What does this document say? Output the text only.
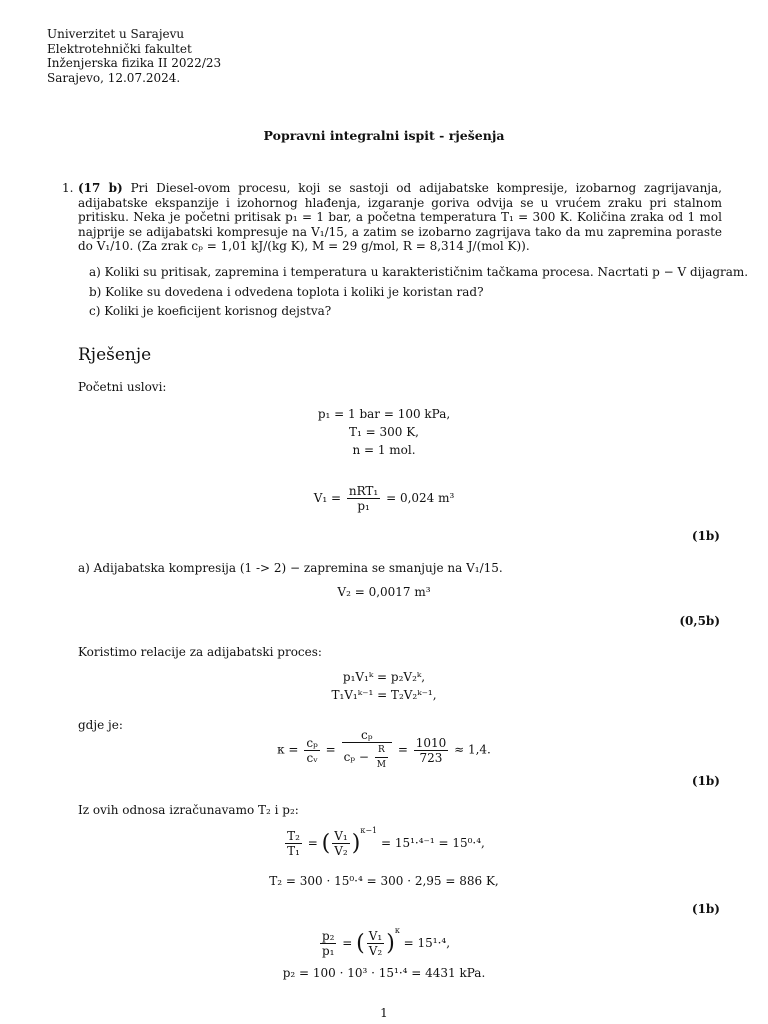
Univerzitet u Sarajevu
Elektrotehnički fakultet
Inženjerska fizika II 2022/23
Sarajevo, 12.07.2024.
Popravni integralni ispit - rješenja
1. (17 b) Pri Diesel-ovom procesu, koji se sastoji od adijabatske kompresije, izobarnog zagrijavanja, adijabatske ekspanzije i izohornog hlađenja, izgaranje goriva odvija se u vrućem zraku pri stalnom pritisku. Neka je početni pritisak p₁ = 1 bar, a početna temperatura T₁ = 300 K. Količina zraka od 1 mol najprije se adijabatski kompresuje na V₁/15, a zatim se izobarno zagrijava tako da mu zapremina poraste do V₁/10. (Za zrak cₚ = 1,01 kJ/(kg K), M = 29 g/mol, R = 8,314 J/(mol K)).
a) Koliki su pritisak, zapremina i temperatura u karakterističnim tačkama procesa. Nacrtati p − V dijagram.
b) Kolike su dovedena i odvedena toplota i koliki je koristan rad?
c) Koliki je koeficijent korisnog dejstva?
Rješenje
Početni uslovi:
p₁ = 1 bar = 100 kPa,
T₁ = 300 K,
n = 1 mol.
$V_1 = \frac{\text{nRT₁}}{\text{p₁}} = 0,024$ m³
(1b)
a) Adijabatska kompresija (1 -> 2) − zapremina se smanjuje na V₁/15.
V₂ = 0,0017 m³
(0,5b)
Koristimo relacije za adijabatski proces:
p₁V₁ᵏ = p₂V₂ᵏ,
T₁V₁ᵏ⁻¹ = T₂V₂ᵏ⁻¹,
gdje je:
$\kappa = \frac{\text{cₚ}}{\text{cᵥ}} = \frac{\text{cₚ}}{c_p - \frac{R}{M}} = \frac{1010}{723} \approx 1,4$.
(1b)
Iz ovih odnosa izračunavamo T₂ i p₂:
$\frac{\text{T₂}}{\text{T₁}}$ = ( $\frac{\text{V₁}}{\text{V₂}} )^{\kappa-1} = 15^1\cdot^{4-1} = 15^0\cdot^4$,
T₂ = 300 · 15⁰·⁴ = 300 · 2,95 = 886 K,
(1b)
$\frac{\text{p₂}}{\text{p₁}}$ = ( $\frac{\text{V₁}}{\text{V₂}} )^\kappa = 15^1\cdot^4$,
p₂ = 100 · 10³ · 15¹·⁴ = 4431 kPa.
1
